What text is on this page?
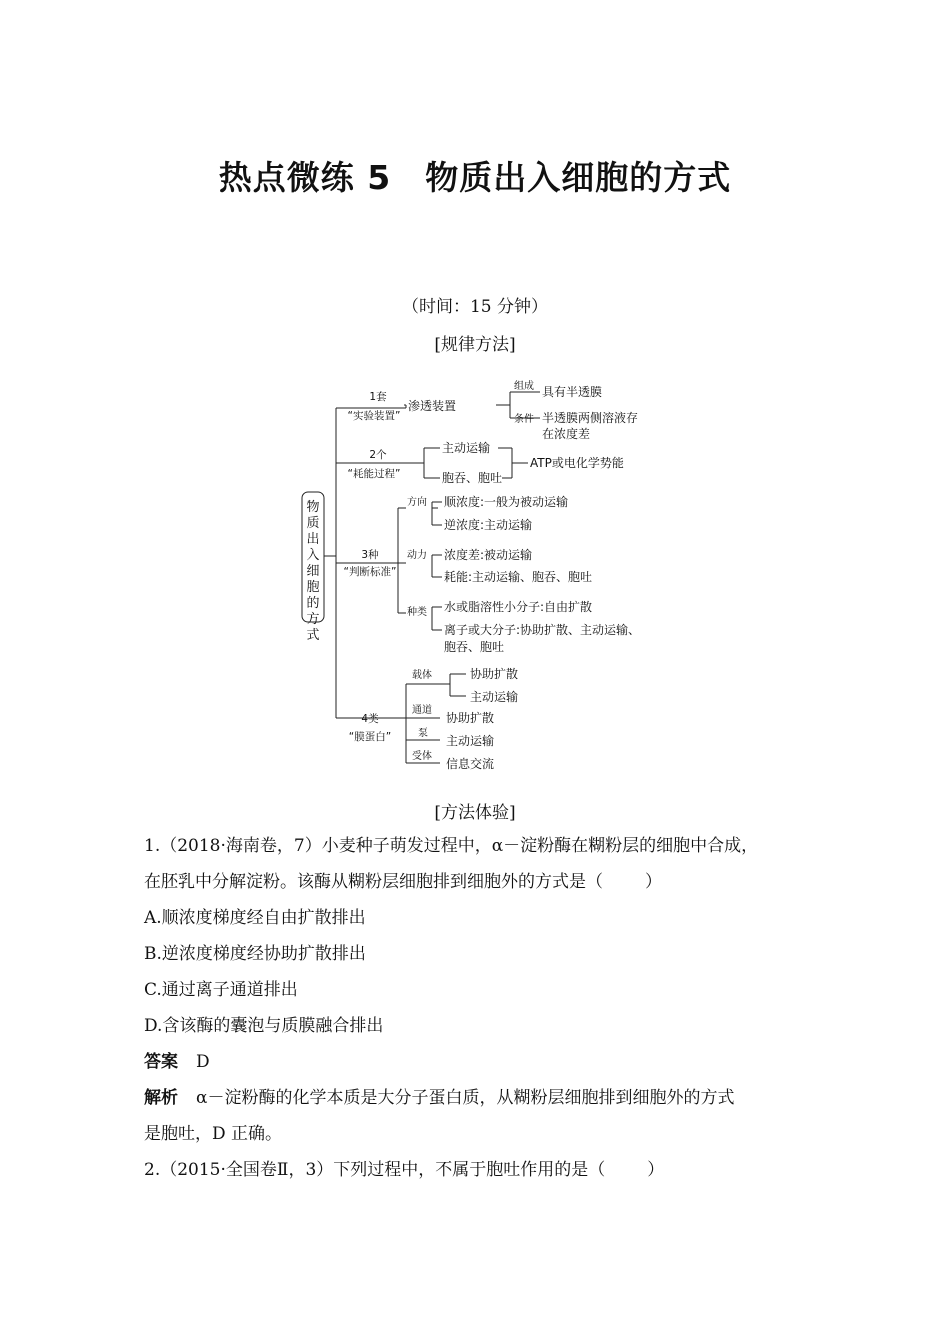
热点微练 5 物质出入细胞的方式
（时间：15 分钟）
[规律方法]
物
质
出
入
细
胞
的
方
式
1套
“实验装置”
渗透装置
组成 具有半透膜
条件 半透膜两侧溶液存
在浓度差
2个
“耗能过程”
主动运输
胞吞、胞吐
ATP或电化学势能
3种
“判断标准”
方向 顺浓度:一般为被动运输
逆浓度:主动运输
动力 浓度差:被动运输
耗能:主动运输、胞吞、胞吐
种类 水或脂溶性小分子:自由扩散
离子或大分子:协助扩散、主动运输、
胞吞、胞吐
4类
“膜蛋白”
载体	协助扩散
主动运输
通道
协助扩散
泵
主动运输
受体
信息交流
[方法体验]
1.（2018·海南卷，7）小麦种子萌发过程中，α－淀粉酶在糊粉层的细胞中合成，
在胚乳中分解淀粉。该酶从糊粉层细胞排到细胞外的方式是（ ）
A.顺浓度梯度经自由扩散排出
B.逆浓度梯度经协助扩散排出
C.通过离子通道排出
D.含该酶的囊泡与质膜融合排出
答案 D
解析 α－淀粉酶的化学本质是大分子蛋白质，从糊粉层细胞排到细胞外的方式
是胞吐，D 正确。
2.（2015·全国卷Ⅱ，3）下列过程中，不属于胞吐作用的是（ ）
